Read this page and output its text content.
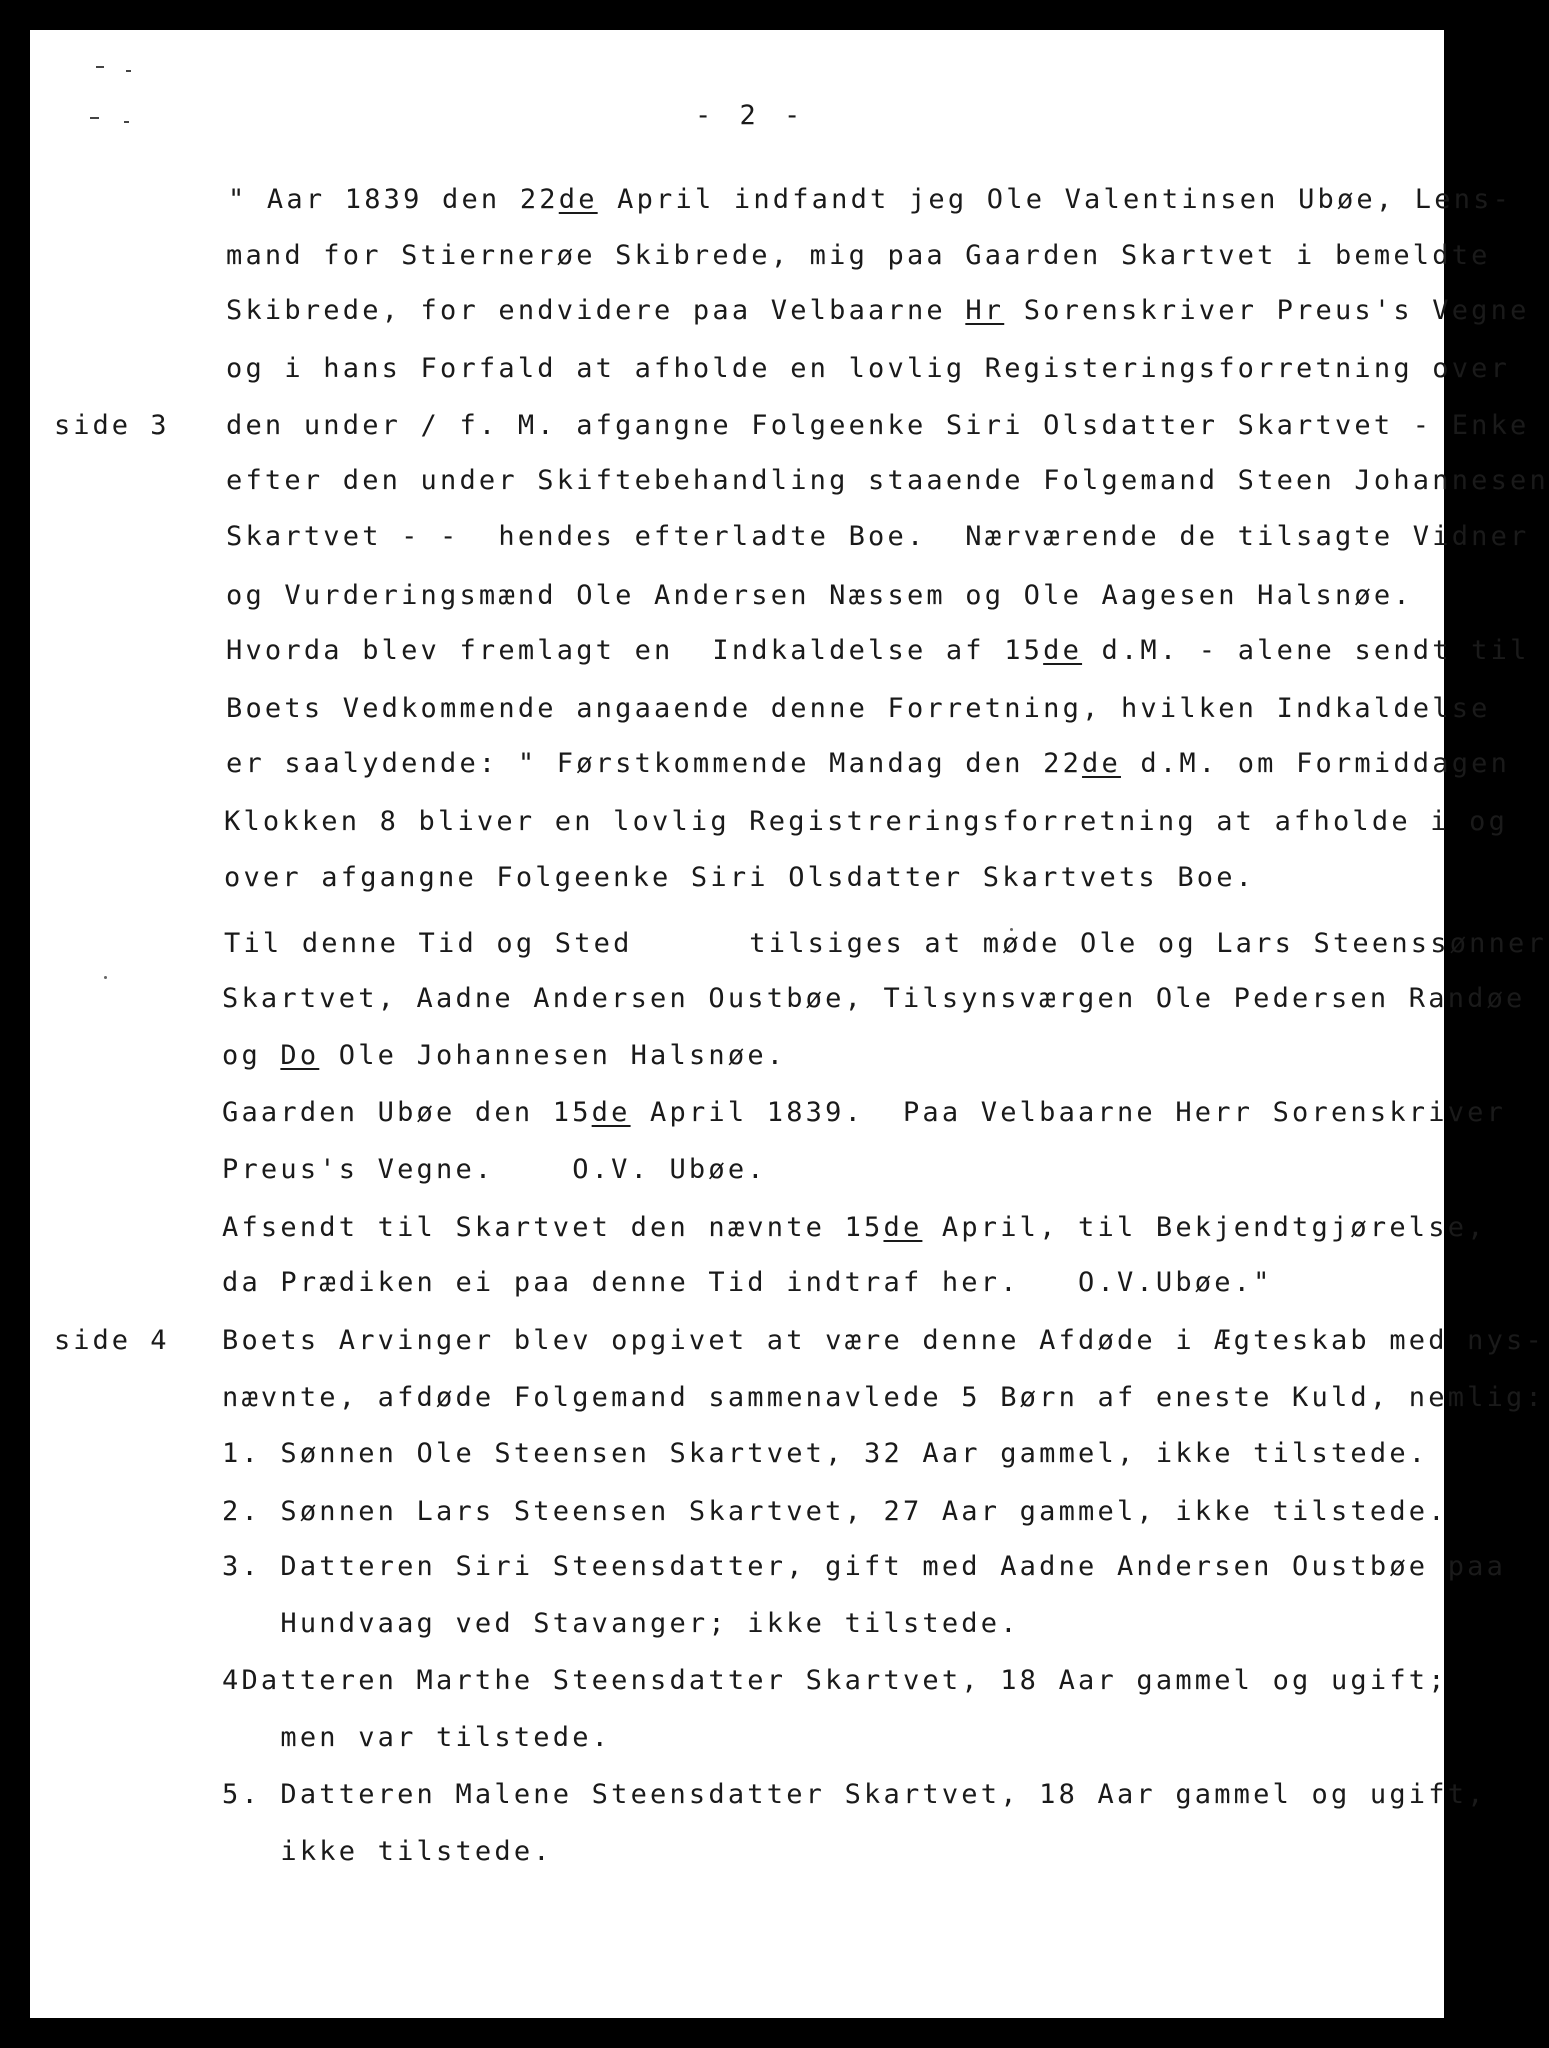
- 2 -
side 3
side 4
" Aar 1839 den 22de April indfandt jeg Ole Valentinsen Ubøe, Lens-
mand for Stiernerøe Skibrede, mig paa Gaarden Skartvet i bemeldte
Skibrede, for endvidere paa Velbaarne Hr Sorenskriver Preus's Vegne
og i hans Forfald at afholde en lovlig Registeringsforretning over
den under / f. M. afgangne Folgeenke Siri Olsdatter Skartvet - Enke
efter den under Skiftebehandling staaende Folgemand Steen Johannesen
Skartvet - -  hendes efterladte Boe.  Nærværende de tilsagte Vidner
og Vurderingsmænd Ole Andersen Næssem og Ole Aagesen Halsnøe.
Hvorda blev fremlagt en  Indkaldelse af 15de d.M. - alene sendt til
Boets Vedkommende angaaende denne Forretning, hvilken Indkaldelse
er saalydende: " Førstkommende Mandag den 22de d.M. om Formiddagen
Klokken 8 bliver en lovlig Registreringsforretning at afholde i og
over afgangne Folgeenke Siri Olsdatter Skartvets Boe.
Til denne Tid og Sted      tilsiges at møde Ole og Lars Steenssønner
Skartvet, Aadne Andersen Oustbøe, Tilsynsværgen Ole Pedersen Randøe
og Do Ole Johannesen Halsnøe.
Gaarden Ubøe den 15de April 1839.  Paa Velbaarne Herr Sorenskriver
Preus's Vegne.    O.V. Ubøe.
Afsendt til Skartvet den nævnte 15de April, til Bekjendtgjørelse,
da Prædiken ei paa denne Tid indtraf her.   O.V.Ubøe."
Boets Arvinger blev opgivet at være denne Afdøde i Ægteskab med nys-
nævnte, afdøde Folgemand sammenavlede 5 Børn af eneste Kuld, nemlig:
1. Sønnen Ole Steensen Skartvet, 32 Aar gammel, ikke tilstede.
2. Sønnen Lars Steensen Skartvet, 27 Aar gammel, ikke tilstede.
3. Datteren Siri Steensdatter, gift med Aadne Andersen Oustbøe paa
Hundvaag ved Stavanger; ikke tilstede.
4Datteren Marthe Steensdatter Skartvet, 18 Aar gammel og ugift;
men var tilstede.
5. Datteren Malene Steensdatter Skartvet, 18 Aar gammel og ugift,
ikke tilstede.
